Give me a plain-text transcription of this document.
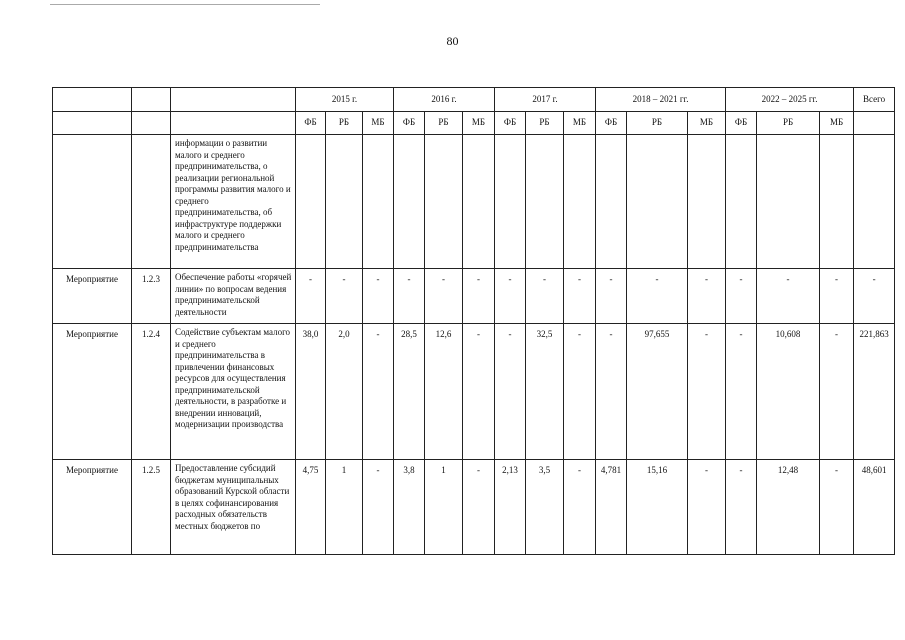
80
			2015 г.			2016 г.			2017 г.			2018 – 2021 гг.			2022 – 2025 гг.			Всего
			ФБ	РБ	МБ	ФБ	РБ	МБ	ФБ	РБ	МБ	ФБ	РБ	МБ	ФБ	РБ	МБ	
		информации о развитии малого и среднего предпринимательства, о реализации региональной программы развития малого и среднего предпринимательства, об инфраструктуре поддержки малого и среднего предпринимательства																
Мероприятие	1.2.3	Обеспечение работы «горячей линии» по вопросам ведения предпринимательской деятельности	-	-	-	-	-	-	-	-	-	-	-	-	-	-	-	-
Мероприятие	1.2.4	Содействие субъектам малого и среднего предпринимательства в привлечении финансовых ресурсов для осуществления предпринимательской деятельности, в разработке и внедрении инноваций, модернизации производства	38,0	2,0	-	28,5	12,6	-	-	32,5	-	-	97,655	-	-	10,608	-	221,863
Мероприятие	1.2.5	Предоставление субсидий бюджетам муниципальных образований Курской области в целях софинансирования расходных обязательств местных бюджетов по	4,75	1	-	3,8	1	-	2,13	3,5	-	4,781	15,16	-	-	12,48	-	48,601
